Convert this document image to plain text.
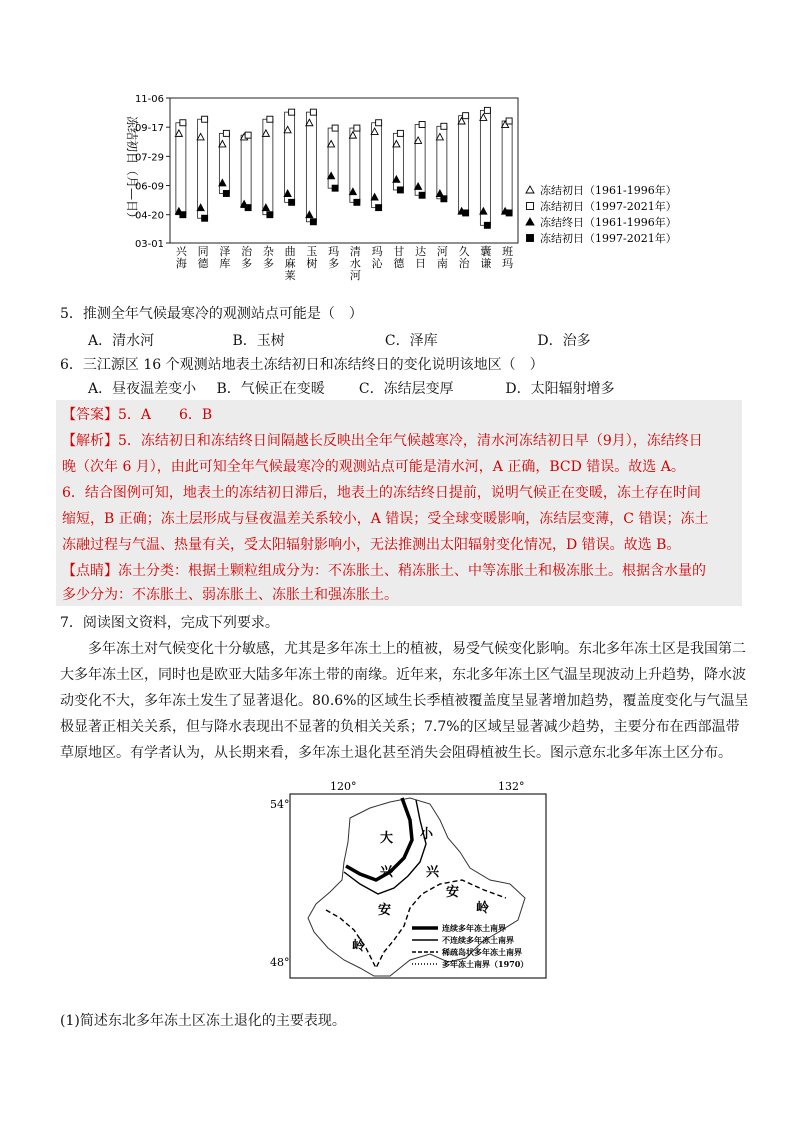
冻结初日（月—日）
11-06
09-17
07-29
06-09
04-20
03-01
兴海
同德
泽库
治多
杂多
曲麻莱
玉树
玛多
清水河
玛沁
甘德
达日
河南
久治
囊谦
班玛
冻结初日（1961-1996年）
冻结初日（1997-2021年）
冻结终日（1961-1996年）
冻结初日（1997-2021年）
5．推测全年气候最寒冷的观测站点可能是（　）
A．清水河	B．玉树	C．泽库	D．治多
6．三江源区 16 个观测站地表土冻结初日和冻结终日的变化说明该地区（　）
A．昼夜温差变小 B．气候正在变暖 C．冻结层变厚	D．太阳辐射增多
【答案】5．A　　6．B
【解析】5．冻结初日和冻结终日间隔越长反映出全年气候越寒冷，清水河冻结初日早（9月），冻结终日
晚（次年 6 月），由此可知全年气候最寒冷的观测站点可能是清水河，A 正确，BCD 错误。故选 A。
6．结合图例可知，地表土的冻结初日滞后，地表土的冻结终日提前，说明气候正在变暖，冻土存在时间
缩短，B 正确；冻土层形成与昼夜温差关系较小，A 错误；受全球变暖影响，冻结层变薄，C 错误；冻土
冻融过程与气温、热量有关，受太阳辐射影响小，无法推测出太阳辐射变化情况，D 错误。故选 B。
【点睛】冻土分类：根据土颗粒组成分为：不冻胀土、稍冻胀土、中等冻胀土和极冻胀土。根据含水量的
多少分为：不冻胀土、弱冻胀土、冻胀土和强冻胀土。
7．阅读图文资料，完成下列要求。
多年冻土对气候变化十分敏感，尤其是多年冻土上的植被，易受气候变化影响。东北多年冻土区是我国第二大多年冻土区，同时也是欧亚大陆多年冻土带的南缘。近年来，东北多年冻土区气温呈现波动上升趋势，降水波动变化不大，多年冻土发生了显著退化。80.6%的区域生长季植被覆盖度呈显著增加趋势，覆盖度变化与气温呈极显著正相关关系，但与降水表现出不显著的负相关关系；7.7%的区域呈显著减少趋势，主要分布在西部温带草原地区。有学者认为，从长期来看，多年冻土退化甚至消失会阻碍植被生长。图示意东北多年冻土区分布。
120°	132°
54°
48°
大
兴
安
岭
小
兴
安
岭
连续多年冻土南界
不连续多年冻土南界
稀疏岛状多年冻土南界
多年冻土南界（1970）
(1)简述东北多年冻土区冻土退化的主要表现。
